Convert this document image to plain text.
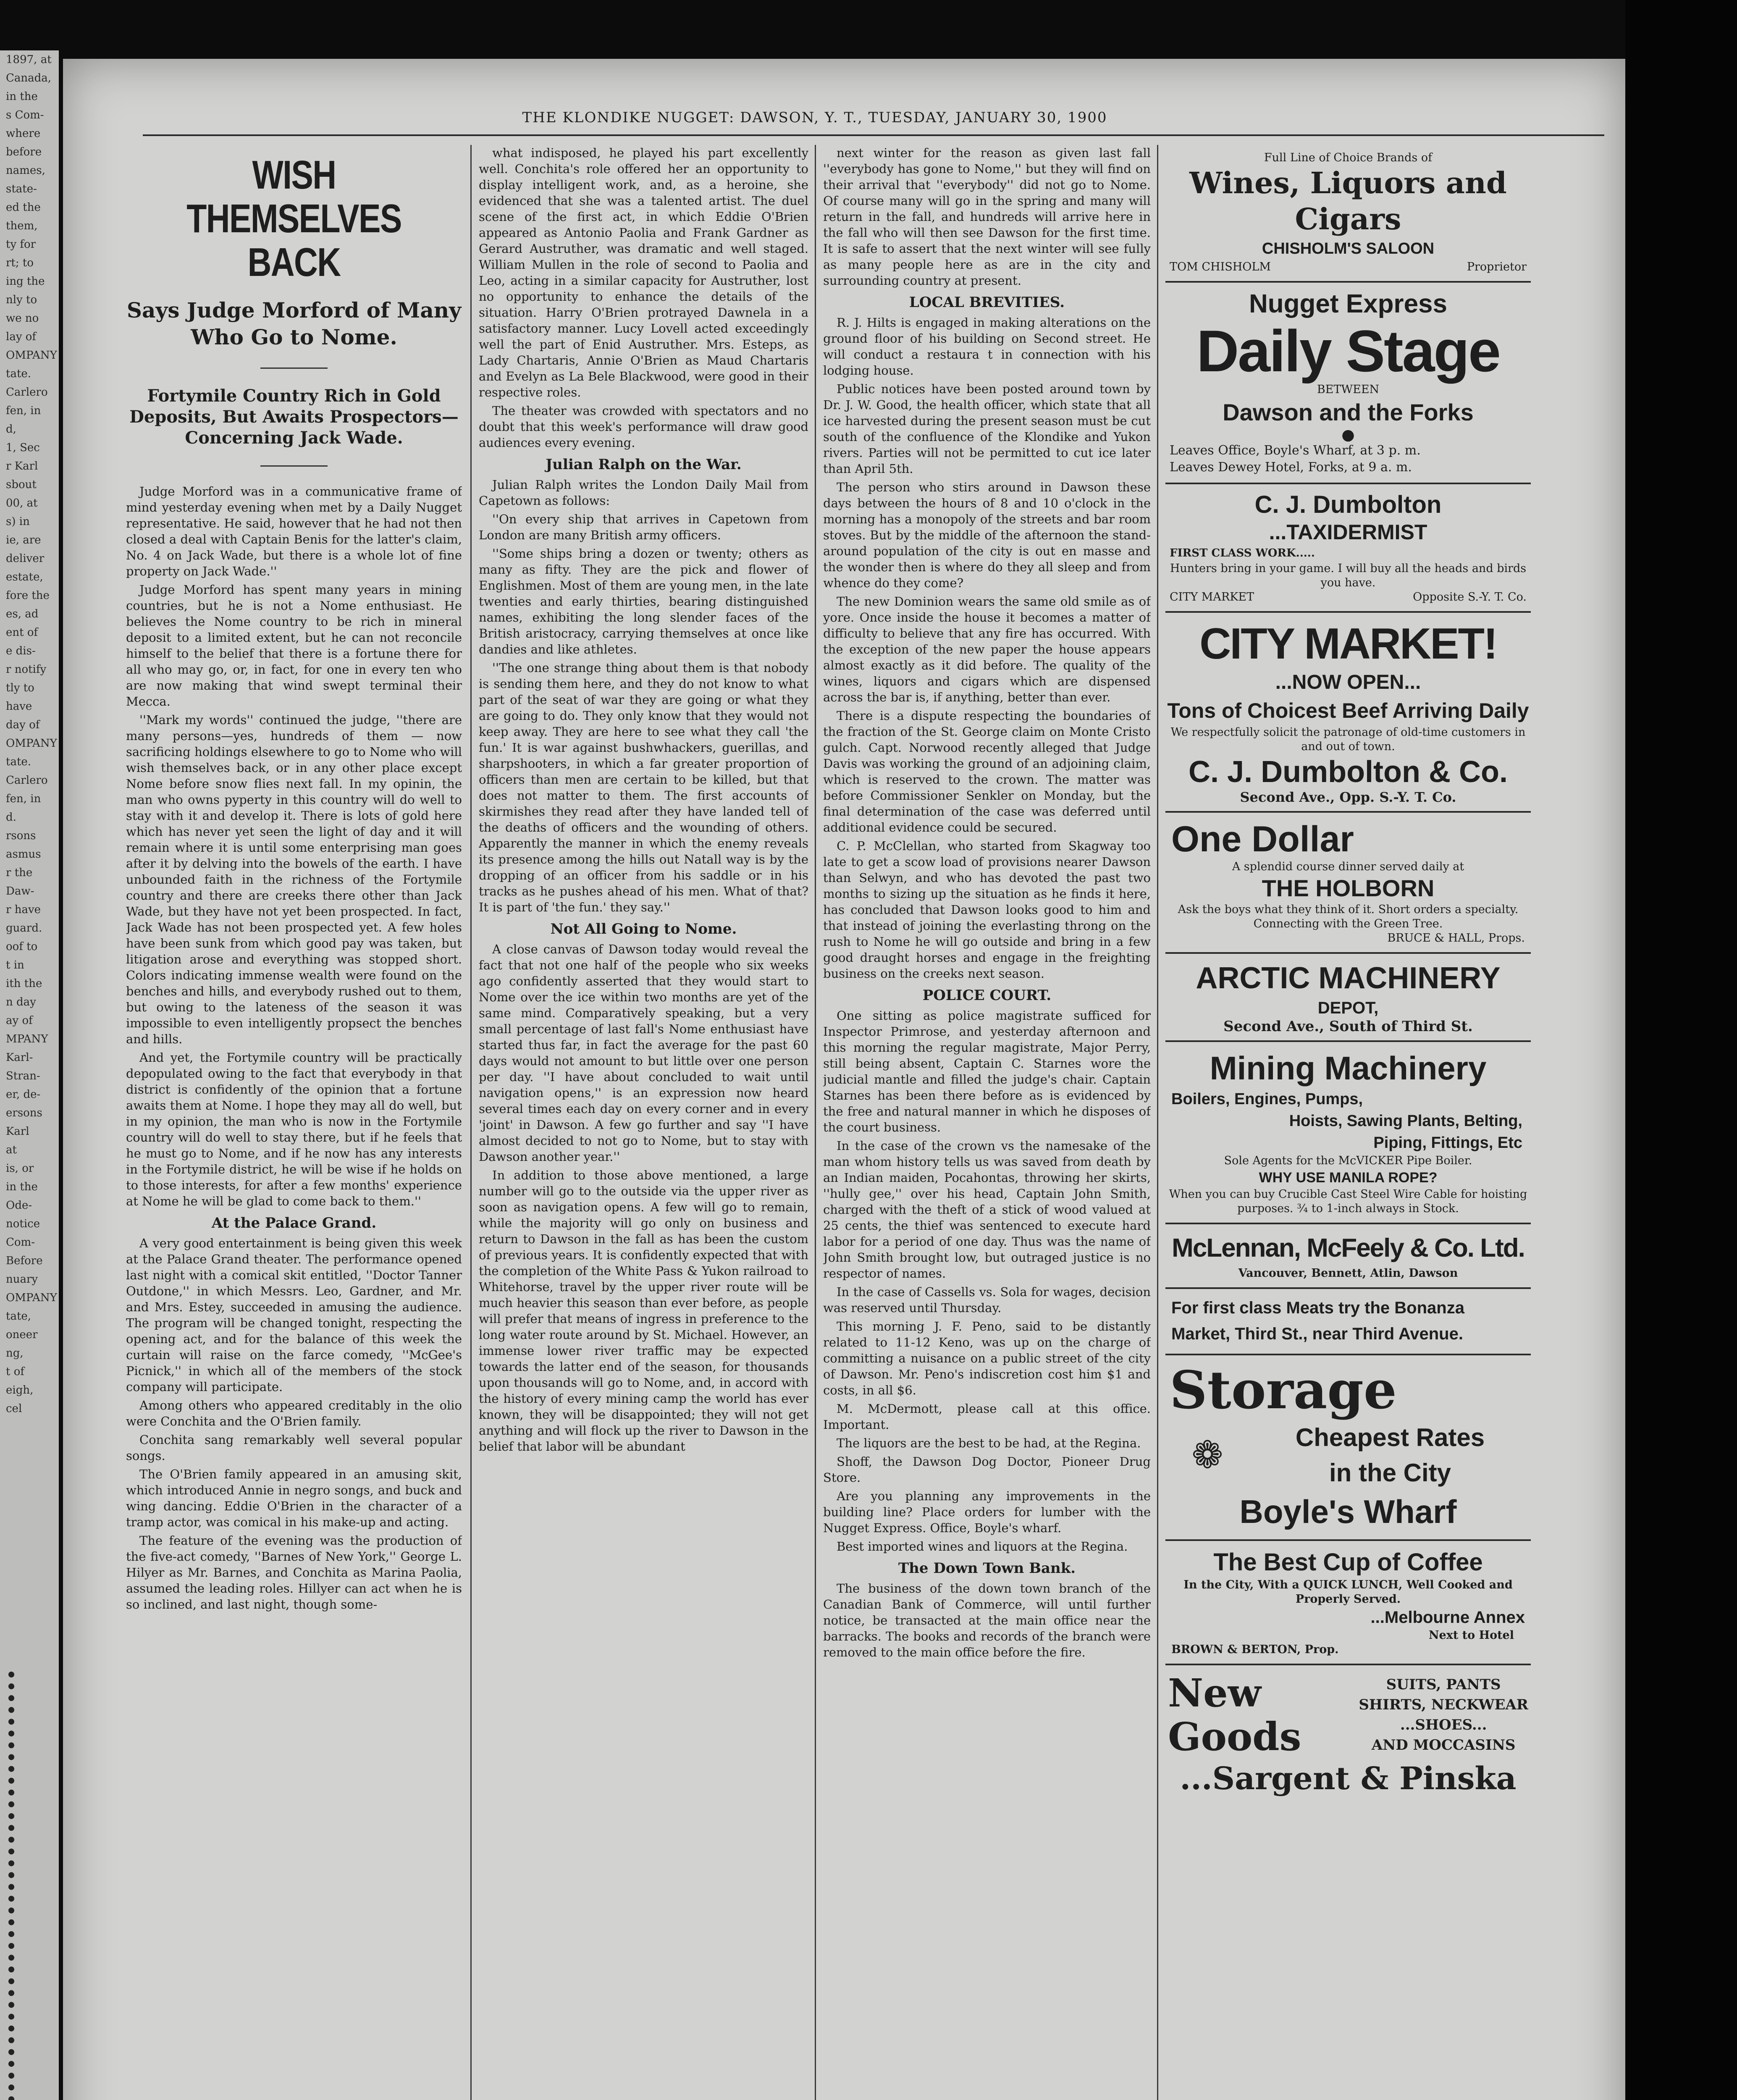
1897, at
Canada,
in the
s Com-
where
before
names,
state-
ed the
them,
ty for
rt; to
ing the
nly to
we no
lay of
OMPANY
tate.
Carlero
fen, in
d,
1, Sec
r Karl
sbout
00, at
s) in
ie, are
deliver
estate,
fore the
es, ad
ent of
e dis-
r notify
tly to
have
day of
OMPANY
tate.
Carlero
fen, in
d.
rsons
asmus
r the
Daw-
r have
guard.
oof to
t in
ith the
n day
ay of
MPANY
Karl-
Stran-
er, de-
ersons
Karl
at
is, or
in the
Ode-
notice
Com-
Before
nuary
OMPANY
tate,
oneer
ng,
t of
eigh,
cel
THE KLONDIKE NUGGET: DAWSON, Y. T., TUESDAY, JANUARY 30, 1900
WISH THEMSELVES BACK
Says Judge Morford of Many Who Go to Nome.
Fortymile Country Rich in Gold Deposits, But Awaits Prospectors—Concerning Jack Wade.

Judge Morford was in a communicative frame of mind yesterday evening when met by a Daily Nugget representative. He said, however that he had not then closed a deal with Captain Benis for the latter's claim, No. 4 on Jack Wade, but there is a whole lot of fine property on Jack Wade.''

Judge Morford has spent many years in mining countries, but he is not a Nome enthusiast. He believes the Nome country to be rich in mineral deposit to a limited extent, but he can not reconcile himself to the belief that there is a fortune there for all who may go, or, in fact, for one in every ten who are now making that wind swept terminal their Mecca.

''Mark my words'' continued the judge, ''there are many persons—yes, hundreds of them — now sacrificing holdings elsewhere to go to Nome who will wish themselves back, or in any other place except Nome before snow flies next fall. In my opinin, the man who owns pyperty in this country will do well to stay with it and develop it. There is lots of gold here which has never yet seen the light of day and it will remain where it is until some enterprising man goes after it by delving into the bowels of the earth. I have unbounded faith in the richness of the Fortymile country and there are creeks there other than Jack Wade, but they have not yet been prospected. In fact, Jack Wade has not been prospected yet. A few holes have been sunk from which good pay was taken, but litigation arose and everything was stopped short. Colors indicating immense wealth were found on the benches and hills, and everybody rushed out to them, but owing to the lateness of the season it was impossible to even intelligently propsect the benches and hills.

And yet, the Fortymile country will be practically depopulated owing to the fact that everybody in that district is confidently of the opinion that a fortune awaits them at Nome. I hope they may all do well, but in my opinion, the man who is now in the Fortymile country will do well to stay there, but if he feels that he must go to Nome, and if he now has any interests in the Fortymile district, he will be wise if he holds on to those interests, for after a few months' experience at Nome he will be glad to come back to them.''

At the Palace Grand.

A very good entertainment is being given this week at the Palace Grand theater. The performance opened last night with a comical skit entitled, ''Doctor Tanner Outdone,'' in which Messrs. Leo, Gardner, and Mr. and Mrs. Estey, succeeded in amusing the audience. The program will be changed tonight, respecting the opening act, and for the balance of this week the curtain will raise on the farce comedy, ''McGee's Picnick,'' in which all of the members of the stock company will participate.

Among others who appeared creditably in the olio were Conchita and the O'Brien family.

Conchita sang remarkably well several popular songs.

The O'Brien family appeared in an amusing skit, which introduced Annie in negro songs, and buck and wing dancing. Eddie O'Brien in the character of a tramp actor, was comical in his make-up and acting.

The feature of the evening was the production of the five-act comedy, ''Barnes of New York,'' George L. Hilyer as Mr. Barnes, and Conchita as Marina Paolia, assumed the leading roles. Hillyer can act when he is so inclined, and last night, though some-

what indisposed, he played his part excellently well. Conchita's role offered her an opportunity to display intelligent work, and, as a heroine, she evidenced that she was a talented artist. The duel scene of the first act, in which Eddie O'Brien appeared as Antonio Paolia and Frank Gardner as Gerard Austruther, was dramatic and well staged. William Mullen in the role of second to Paolia and Leo, acting in a similar capacity for Austruther, lost no opportunity to enhance the details of the situation. Harry O'Brien protrayed Dawnela in a satisfactory manner. Lucy Lovell acted exceedingly well the part of Enid Austruther. Mrs. Esteps, as Lady Chartaris, Annie O'Brien as Maud Chartaris and Evelyn as La Bele Blackwood, were good in their respective roles.

The theater was crowded with spectators and no doubt that this week's performance will draw good audiences every evening.

Julian Ralph on the War.

Julian Ralph writes the London Daily Mail from Capetown as follows:

''On every ship that arrives in Capetown from London are many British army officers.

''Some ships bring a dozen or twenty; others as many as fifty. They are the pick and flower of Englishmen. Most of them are young men, in the late twenties and early thirties, bearing distinguished names, exhibiting the long slender faces of the British aristocracy, carrying themselves at once like dandies and like athletes.

''The one strange thing about them is that nobody is sending them here, and they do not know to what part of the seat of war they are going or what they are going to do. They only know that they would not keep away. They are here to see what they call 'the fun.' It is war against bushwhackers, guerillas, and sharpshooters, in which a far greater proportion of officers than men are certain to be killed, but that does not matter to them. The first accounts of skirmishes they read after they have landed tell of the deaths of officers and the wounding of others. Apparently the manner in which the enemy reveals its presence among the hills out Natall way is by the dropping of an officer from his saddle or in his tracks as he pushes ahead of his men. What of that? It is part of 'the fun.' they say.''

Not All Going to Nome.

A close canvas of Dawson today would reveal the fact that not one half of the people who six weeks ago confidently asserted that they would start to Nome over the ice within two months are yet of the same mind. Comparatively speaking, but a very small percentage of last fall's Nome enthusiast have started thus far, in fact the average for the past 60 days would not amount to but little over one person per day. ''I have about concluded to wait until navigation opens,'' is an expression now heard several times each day on every corner and in every 'joint' in Dawson. A few go further and say ''I have almost decided to not go to Nome, but to stay with Dawson another year.''

In addition to those above mentioned, a large number will go to the outside via the upper river as soon as navigation opens. A few will go to remain, while the majority will go only on business and return to Dawson in the fall as has been the custom of previous years. It is confidently expected that with the completion of the White Pass & Yukon railroad to Whitehorse, travel by the upper river route will be much heavier this season than ever before, as people will prefer that means of ingress in preference to the long water route around by St. Michael. However, an immense lower river traffic may be expected towards the latter end of the season, for thousands upon thousands will go to Nome, and, in accord with the history of every mining camp the world has ever known, they will be disappointed; they will not get anything and will flock up the river to Dawson in the belief that labor will be abundant

next winter for the reason as given last fall ''everybody has gone to Nome,'' but they will find on their arrival that ''everybody'' did not go to Nome. Of course many will go in the spring and many will return in the fall, and hundreds will arrive here in the fall who will then see Dawson for the first time. It is safe to assert that the next winter will see fully as many people here as are in the city and surrounding country at present.

LOCAL BREVITIES.

R. J. Hilts is engaged in making alterations on the ground floor of his building on Second street. He will conduct a restaura t in connection with his lodging house.

Public notices have been posted around town by Dr. J. W. Good, the health officer, which state that all ice harvested during the present season must be cut south of the confluence of the Klondike and Yukon rivers. Parties will not be permitted to cut ice later than April 5th.

The person who stirs around in Dawson these days between the hours of 8 and 10 o'clock in the morning has a monopoly of the streets and bar room stoves. But by the middle of the afternoon the stand-around population of the city is out en masse and the wonder then is where do they all sleep and from whence do they come?

The new Dominion wears the same old smile as of yore. Once inside the house it becomes a matter of difficulty to believe that any fire has occurred. With the exception of the new paper the house appears almost exactly as it did before. The quality of the wines, liquors and cigars which are dispensed across the bar is, if anything, better than ever.

There is a dispute respecting the boundaries of the fraction of the St. George claim on Monte Cristo gulch. Capt. Norwood recently alleged that Judge Davis was working the ground of an adjoining claim, which is reserved to the crown. The matter was before Commissioner Senkler on Monday, but the final determination of the case was deferred until additional evidence could be secured.

C. P. McClellan, who started from Skagway too late to get a scow load of provisions nearer Dawson than Selwyn, and who has devoted the past two months to sizing up the situation as he finds it here, has concluded that Dawson looks good to him and that instead of joining the everlasting throng on the rush to Nome he will go outside and bring in a few good draught horses and engage in the freighting business on the creeks next season.

POLICE COURT.

One sitting as police magistrate sufficed for Inspector Primrose, and yesterday afternoon and this morning the regular magistrate, Major Perry, still being absent, Captain C. Starnes wore the judicial mantle and filled the judge's chair. Captain Starnes has been there before as is evidenced by the free and natural manner in which he disposes of the court business.

In the case of the crown vs the namesake of the man whom history tells us was saved from death by an Indian maiden, Pocahontas, throwing her skirts, ''hully gee,'' over his head, Captain John Smith, charged with the theft of a stick of wood valued at 25 cents, the thief was sentenced to execute hard labor for a period of one day. Thus was the name of John Smith brought low, but outraged justice is no respector of names.

In the case of Cassells vs. Sola for wages, decision was reserved until Thursday.

This morning J. F. Peno, said to be distantly related to 11-12 Keno, was up on the charge of committing a nuisance on a public street of the city of Dawson. Mr. Peno's indiscretion cost him $1 and costs, in all $6.

M. McDermott, please call at this office. Important.

The liquors are the best to be had, at the Regina.

Shoff, the Dawson Dog Doctor, Pioneer Drug Store.

Are you planning any improvements in the building line? Place orders for lumber with the Nugget Express. Office, Boyle's wharf.

Best imported wines and liquors at the Regina.

The Down Town Bank.

The business of the down town branch of the Canadian Bank of Commerce, will until further notice, be transacted at the main office near the barracks. The books and records of the branch were removed to the main office before the fire.

Full Line of Choice Brands of
Wines, Liquors and Cigars
CHISHOLM'S SALOON
TOM CHISHOLM	Proprietor
Nugget Express
Daily Stage
BETWEEN
Dawson and the Forks
●
Leaves Office, Boyle's Wharf, at 3 p. m.
Leaves Dewey Hotel, Forks, at 9 a. m.
C. J. Dumbolton
...TAXIDERMIST
FIRST CLASS WORK.....
Hunters bring in your game. I will buy all the heads and birds you have.
CITY MARKET	Opposite S.-Y. T. Co.
CITY MARKET!
...NOW OPEN...
Tons of Choicest Beef Arriving Daily
We respectfully solicit the patronage of old-time customers in and out of town.
C. J. Dumbolton & Co.
Second Ave., Opp. S.-Y. T. Co.
One Dollar
A splendid course dinner served daily at
THE HOLBORN
Ask the boys what they think of it. Short orders a specialty. Connecting with the Green Tree.
BRUCE & HALL, Props.
ARCTIC MACHINERY
DEPOT,
Second Ave., South of Third St.
Mining Machinery
Boilers, Engines, Pumps,
Hoists, Sawing Plants, Belting,
Piping, Fittings, Etc
Sole Agents for the McVICKER Pipe Boiler.
WHY USE MANILA ROPE?
When you can buy Crucible Cast Steel Wire Cable for hoisting purposes. ¾ to 1-inch always in Stock.
McLennan, McFeely & Co. Ltd.
Vancouver, Bennett, Atlin, Dawson
For first class Meats try the Bonanza Market, Third St., near Third Avenue.
Storage
❁	Cheapest Rates
in the City
Boyle's Wharf
The Best Cup of Coffee
In the City, With a QUICK LUNCH, Well Cooked and Properly Served.
...Melbourne Annex
Next to Hotel
BROWN & BERTON, Prop.
New
Goods
SUITS, PANTS
SHIRTS, NECKWEAR
...SHOES...
AND MOCCASINS
...Sargent & Pinska
